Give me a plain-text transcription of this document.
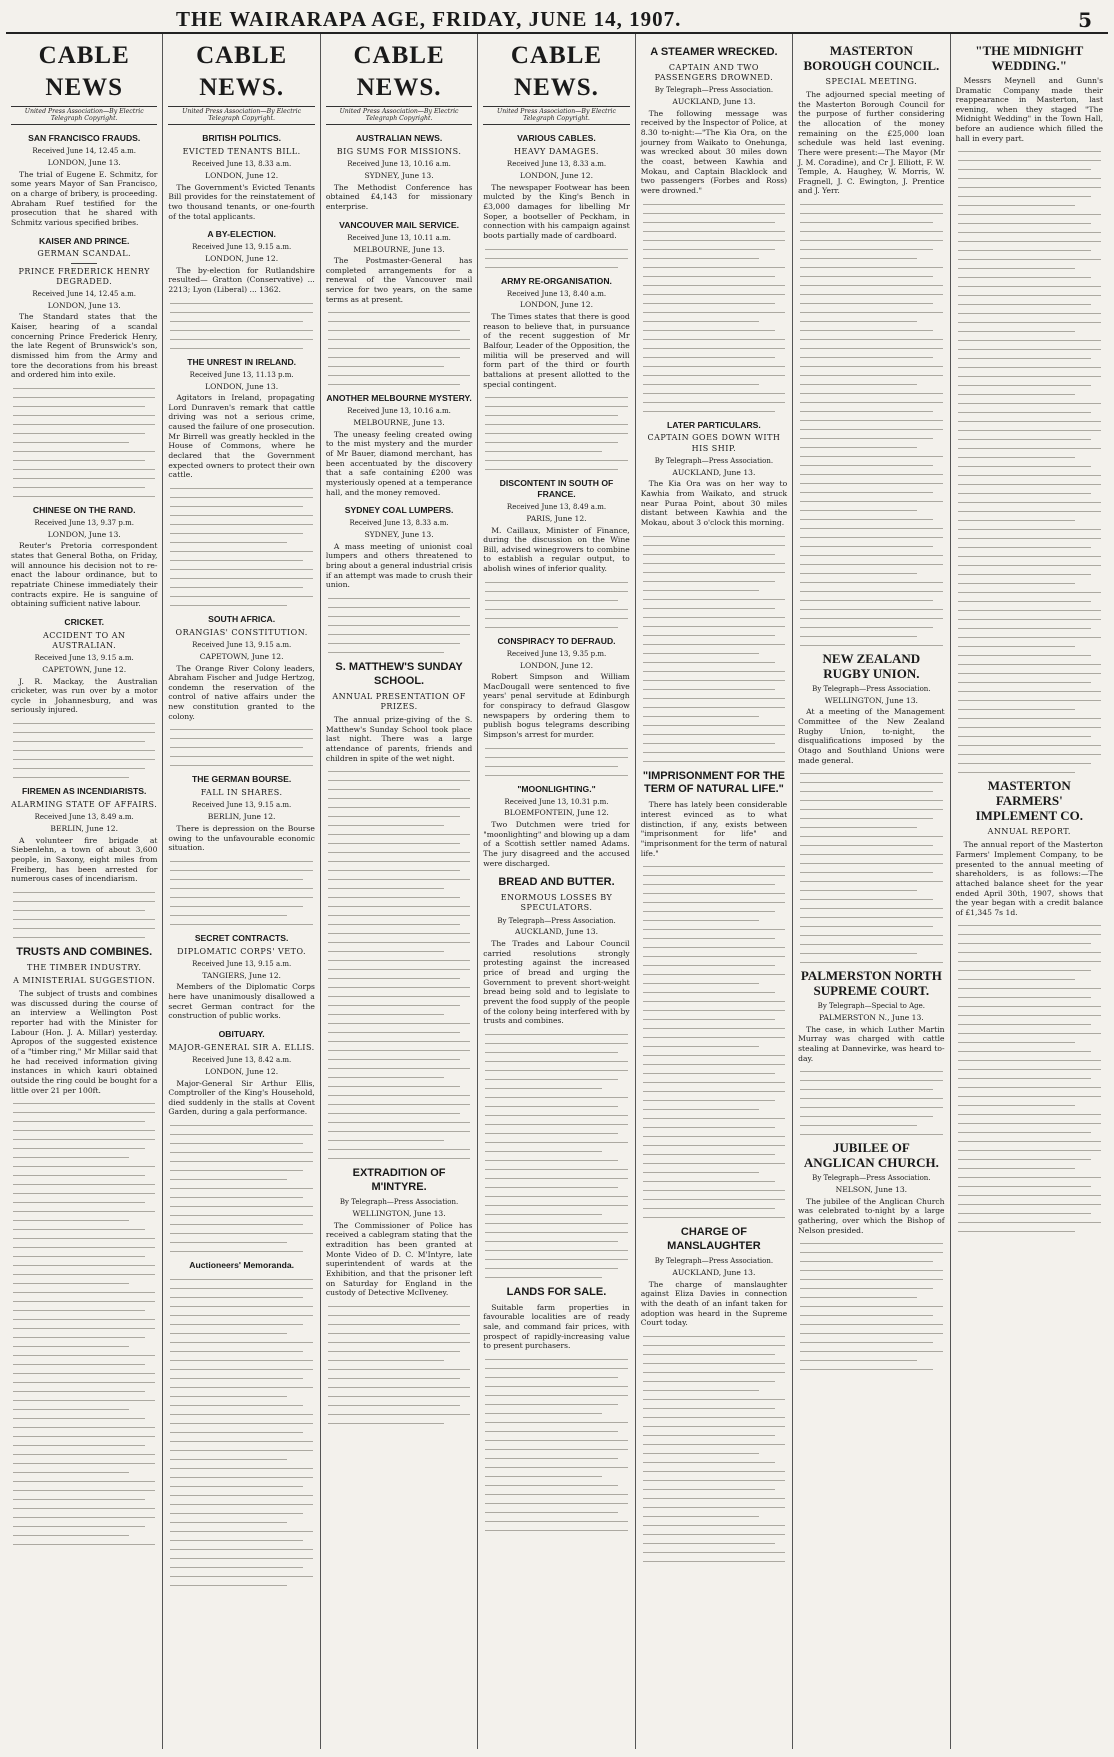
THE WAIRARAPA AGE, FRIDAY, JUNE 14, 1907.	5
CABLE NEWS
United Press Association—By Electric Telegraph Copyright.
SAN FRANCISCO FRAUDS.
Received June 14, 12.45 a.m.
LONDON, June 13.

The trial of Eugene E. Schmitz, for some years Mayor of San Francisco, on a charge of bribery, is proceeding. Abraham Ruef testified for the prosecution that he shared with Schmitz various specified bribes.

KAISER AND PRINCE.
GERMAN SCANDAL.
PRINCE FREDERICK HENRY DEGRADED.
Received June 14, 12.45 a.m.
LONDON, June 13.

The Standard states that the Kaiser, hearing of a scandal concerning Prince Frederick Henry, the late Regent of Brunswick's son, dismissed him from the Army and tore the decorations from his breast and ordered him into exile.

CHINESE ON THE RAND.
Received June 13, 9.37 p.m.
LONDON, June 13.

Reuter's Pretoria correspondent states that General Botha, on Friday, will announce his decision not to re-enact the labour ordinance, but to repatriate Chinese immediately their contracts expire. He is sanguine of obtaining sufficient native labour.

CRICKET.
ACCIDENT TO AN AUSTRALIAN.
Received June 13, 9.15 a.m.
CAPETOWN, June 12.

J. R. Mackay, the Australian cricketer, was run over by a motor cycle in Johannesburg, and was seriously injured.

FIREMEN AS INCENDIARISTS.
ALARMING STATE OF AFFAIRS.
Received June 13, 8.49 a.m.
BERLIN, June 12.

A volunteer fire brigade at Siebenlehn, a town of about 3,600 people, in Saxony, eight miles from Freiberg, has been arrested for numerous cases of incendiarism.

TRUSTS AND COMBINES.
THE TIMBER INDUSTRY.
A MINISTERIAL SUGGESTION.

The subject of trusts and combines was discussed during the course of an interview a Wellington Post reporter had with the Minister for Labour (Hon. J. A. Millar) yesterday. Apropos of the suggested existence of a "timber ring," Mr Millar said that he had received information giving instances in which kauri obtained outside the ring could be bought for a little over 21 per 100ft.

CABLE NEWS.
United Press Association—By Electric Telegraph Copyright.
BRITISH POLITICS.
EVICTED TENANTS BILL.
Received June 13, 8.33 a.m.
LONDON, June 12.

The Government's Evicted Tenants Bill provides for the reinstatement of two thousand tenants, or one-fourth of the total applicants.

A BY-ELECTION.
Received June 13, 9.15 a.m.
LONDON, June 12.

The by-election for Rutlandshire resulted— Gratton (Conservative) ... 2213; Lyon (Liberal) ... 1362.

THE UNREST IN IRELAND.
Received June 13, 11.13 p.m.
LONDON, June 13.

Agitators in Ireland, propagating Lord Dunraven's remark that cattle driving was not a serious crime, caused the failure of one prosecution. Mr Birrell was greatly heckled in the House of Commons, where he declared that the Government expected owners to protect their own cattle.

SOUTH AFRICA.
ORANGIAS' CONSTITUTION.
Received June 13, 9.15 a.m.
CAPETOWN, June 12.

The Orange River Colony leaders, Abraham Fischer and Judge Hertzog, condemn the reservation of the control of native affairs under the new constitution granted to the colony.

THE GERMAN BOURSE.
FALL IN SHARES.
Received June 13, 9.15 a.m.
BERLIN, June 12.

There is depression on the Bourse owing to the unfavourable economic situation.

SECRET CONTRACTS.
DIPLOMATIC CORPS' VETO.
Received June 13, 9.15 a.m.
TANGIERS, June 12.

Members of the Diplomatic Corps here have unanimously disallowed a secret German contract for the construction of public works.

OBITUARY.
MAJOR-GENERAL SIR A. ELLIS.
Received June 13, 8.42 a.m.
LONDON, June 12.

Major-General Sir Arthur Ellis, Comptroller of the King's Household, died suddenly in the stalls at Covent Garden, during a gala performance.

Auctioneers' Memoranda.
CABLE NEWS.
United Press Association—By Electric Telegraph Copyright.
AUSTRALIAN NEWS.
BIG SUMS FOR MISSIONS.
Received June 13, 10.16 a.m.
SYDNEY, June 13.

The Methodist Conference has obtained £4,143 for missionary enterprise.

VANCOUVER MAIL SERVICE.
Received June 13, 10.11 a.m.
MELBOURNE, June 13.

The Postmaster-General has completed arrangements for a renewal of the Vancouver mail service for two years, on the same terms as at present.

ANOTHER MELBOURNE MYSTERY.
Received June 13, 10.16 a.m.
MELBOURNE, June 13.

The uneasy feeling created owing to the mist mystery and the murder of Mr Bauer, diamond merchant, has been accentuated by the discovery that a safe containing £200 was mysteriously opened at a temperance hall, and the money removed.

SYDNEY COAL LUMPERS.
Received June 13, 8.33 a.m.
SYDNEY, June 13.

A mass meeting of unionist coal lumpers and others threatened to bring about a general industrial crisis if an attempt was made to crush their union.

S. MATTHEW'S SUNDAY SCHOOL.
ANNUAL PRESENTATION OF PRIZES.

The annual prize-giving of the S. Matthew's Sunday School took place last night. There was a large attendance of parents, friends and children in spite of the wet night.

EXTRADITION OF M'INTYRE.
By Telegraph—Press Association.
WELLINGTON, June 13.

The Commissioner of Police has received a cablegram stating that the extradition has been granted at Monte Video of D. C. M'Intyre, late superintendent of wards at the Exhibition, and that the prisoner left on Saturday for England in the custody of Detective McIlveney.

CABLE NEWS.
United Press Association—By Electric Telegraph Copyright.
VARIOUS CABLES.
HEAVY DAMAGES.
Received June 13, 8.33 a.m.
LONDON, June 12.

The newspaper Footwear has been mulcted by the King's Bench in £3,000 damages for libelling Mr Soper, a bootseller of Peckham, in connection with his campaign against boots partially made of cardboard.

ARMY RE-ORGANISATION.
Received June 13, 8.40 a.m.
LONDON, June 12.

The Times states that there is good reason to believe that, in pursuance of the recent suggestion of Mr Balfour, Leader of the Opposition, the militia will be preserved and will form part of the third or fourth battalions at present allotted to the special contingent.

DISCONTENT IN SOUTH OF FRANCE.
Received June 13, 8.49 a.m.
PARIS, June 12.

M. Caillaux, Minister of Finance, during the discussion on the Wine Bill, advised winegrowers to combine to establish a regular output, to abolish wines of inferior quality.

CONSPIRACY TO DEFRAUD.
Received June 13, 9.35 p.m.
LONDON, June 12.

Robert Simpson and William MacDougall were sentenced to five years' penal servitude at Edinburgh for conspiracy to defraud Glasgow newspapers by ordering them to publish bogus telegrams describing Simpson's arrest for murder.

"MOONLIGHTING."
Received June 13, 10.31 p.m.
BLOEMFONTEIN, June 12.

Two Dutchmen were tried for "moonlighting" and blowing up a dam of a Scottish settler named Adams. The jury disagreed and the accused were discharged.

BREAD AND BUTTER.
ENORMOUS LOSSES BY SPECULATORS.
By Telegraph—Press Association.
AUCKLAND, June 13.

The Trades and Labour Council carried resolutions strongly protesting against the increased price of bread and urging the Government to prevent short-weight bread being sold and to legislate to prevent the food supply of the people of the colony being interfered with by trusts and combines.

LANDS FOR SALE.

Suitable farm properties in favourable localities are of ready sale, and command fair prices, with prospect of rapidly-increasing value to present purchasers.

A STEAMER WRECKED.
CAPTAIN AND TWO PASSENGERS DROWNED.
By Telegraph—Press Association.
AUCKLAND, June 13.

The following message was received by the Inspector of Police, at 8.30 to-night:—"The Kia Ora, on the journey from Waikato to Onehunga, was wrecked about 30 miles down the coast, between Kawhia and Mokau, and Captain Blacklock and two passengers (Forbes and Ross) were drowned."

LATER PARTICULARS.
CAPTAIN GOES DOWN WITH HIS SHIP.
By Telegraph—Press Association.
AUCKLAND, June 13.

The Kia Ora was on her way to Kawhia from Waikato, and struck near Puraa Point, about 30 miles distant between Kawhia and the Mokau, about 3 o'clock this morning.

"IMPRISONMENT FOR THE TERM OF NATURAL LIFE."

There has lately been considerable interest evinced as to what distinction, if any, exists between "imprisonment for life" and "imprisonment for the term of natural life."

CHARGE OF MANSLAUGHTER
By Telegraph—Press Association.
AUCKLAND, June 13.

The charge of manslaughter against Eliza Davies in connection with the death of an infant taken for adoption was heard in the Supreme Court today.

MASTERTON BOROUGH COUNCIL.
SPECIAL MEETING.

The adjourned special meeting of the Masterton Borough Council for the purpose of further considering the allocation of the money remaining on the £25,000 loan schedule was held last evening. There were present:—The Mayor (Mr J. M. Coradine), and Cr J. Elliott, F. W. Temple, A. Haughey, W. Morris, W. Fragnell, J. C. Ewington, J. Prentice and J. Yerr.

NEW ZEALAND RUGBY UNION.
By Telegraph—Press Association.
WELLINGTON, June 13.

At a meeting of the Management Committee of the New Zealand Rugby Union, to-night, the disqualifications imposed by the Otago and Southland Unions were made general.

PALMERSTON NORTH SUPREME COURT.
By Telegraph—Special to Age.
PALMERSTON N., June 13.

The case, in which Luther Martin Murray was charged with cattle stealing at Dannevirke, was heard to-day.

JUBILEE OF ANGLICAN CHURCH.
By Telegraph—Press Association.
NELSON, June 13.

The jubilee of the Anglican Church was celebrated to-night by a large gathering, over which the Bishop of Nelson presided.

"THE MIDNIGHT WEDDING."

Messrs Meynell and Gunn's Dramatic Company made their reappearance in Masterton, last evening, when they staged "The Midnight Wedding" in the Town Hall, before an audience which filled the hall in every part.

MASTERTON FARMERS' IMPLEMENT CO.
ANNUAL REPORT.

The annual report of the Masterton Farmers' Implement Company, to be presented to the annual meeting of shareholders, is as follows:—The attached balance sheet for the year ended April 30th, 1907, shows that the year began with a credit balance of £1,345 7s 1d.
